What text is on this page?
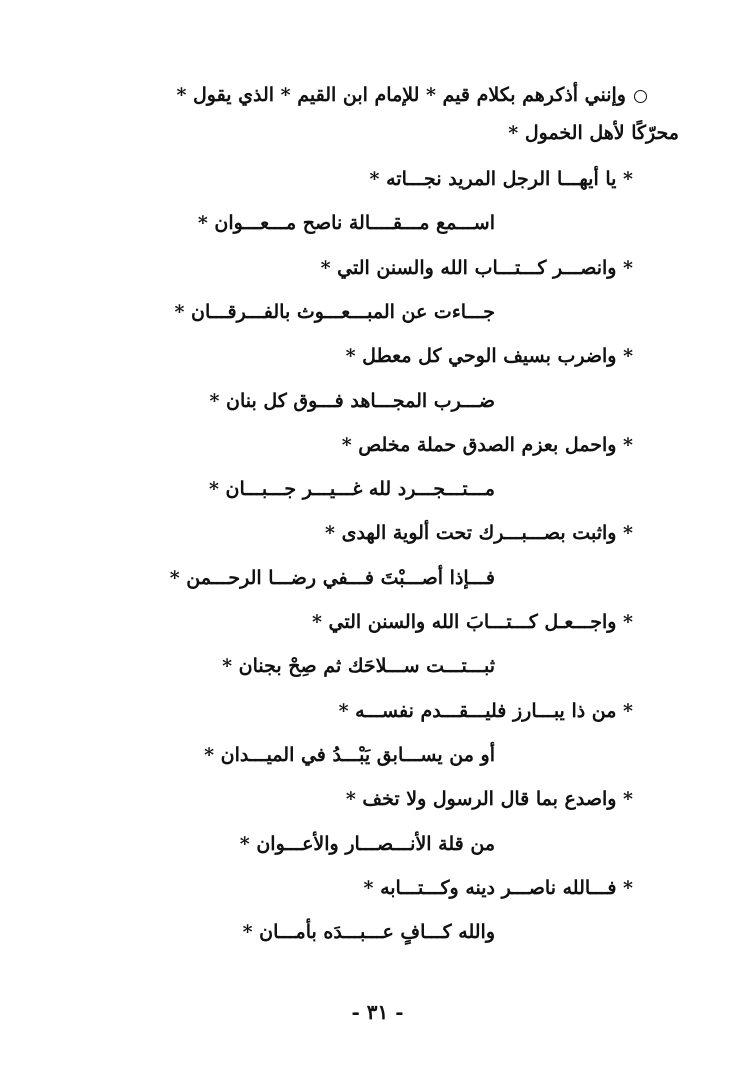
وإنني أذكرهم بكلام قيم * للإمام ابن القيم * الذي يقول *
محرّكًا لأهل الخمول *
* يا أيهـــا الرجل المريد نجـــاته *
اســـمع مـــقــــالة ناصح مـــعـــوان *
* وانصـــر كـــتـــاب الله والسنن التي *
جـــاءت عن المبـــعـــوث بالفـــرقـــان *
* واضرب بسيف الوحي كل معطل *
ضـــرب المجـــاهد فـــوق كل بنان *
* واحمل بعزم الصدق حملة مخلص *
مـــتـــجـــرد لله غـــيـــر جـــبـــان *
* واثبت بصـــبـــرك تحت ألوية الهدى *
فـــإذا أصـــبْتَ فـــفي رضـــا الرحـــمن *
* واجـــعـل كـــتـــابَ الله والسنن التي *
ثبـــتـــت ســـلاحَك ثم صِحْ بجنان *
* من ذا يبـــارز فليـــقـــدم نفســـه *
أو من يســـابق يَبْـــدُ في الميـــدان *
* واصدع بما قال الرسول ولا تخف *
من قلة الأنـــصـــار والأعـــوان *
* فـــالله ناصـــر دينه وكـــتـــابه *
والله كـــافٍ عـــبـــدَه بأمـــان *
- ٣١ -
